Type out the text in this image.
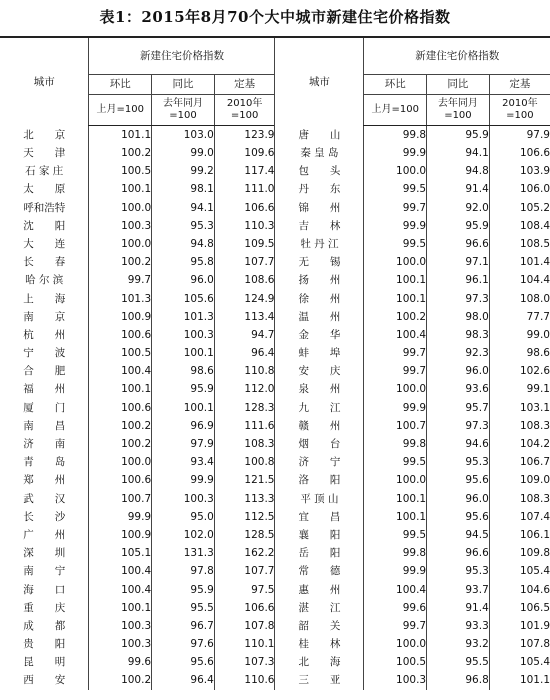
表1：2015年8月70个大中城市新建住宅价格指数
城市	新建住宅价格指数			城市	新建住宅价格指数		
	环比	同比	定基		环比	同比	定基
	上月=100	去年同月=100	2010年=100		上月=100	去年同月=100	2010年=100
北　　京	101.1	103.0	123.9	唐　　山	99.8	95.9	97.9
天　　津	100.2	99.0	109.6	秦 皇 岛	99.9	94.1	106.6
石 家 庄	100.5	99.2	117.4	包　　头	100.0	94.8	103.9
太　　原	100.1	98.1	111.0	丹　　东	99.5	91.4	106.0
呼和浩特	100.0	94.1	106.6	锦　　州	99.7	92.0	105.2
沈　　阳	100.3	95.3	110.3	吉　　林	99.9	95.9	108.4
大　　连	100.0	94.8	109.5	牡 丹 江	99.5	96.6	108.5
长　　春	100.2	95.8	107.7	无　　锡	100.0	97.1	101.4
哈 尔 滨	99.7	96.0	108.6	扬　　州	100.1	96.1	104.4
上　　海	101.3	105.6	124.9	徐　　州	100.1	97.3	108.0
南　　京	100.9	101.3	113.4	温　　州	100.2	98.0	77.7
杭　　州	100.6	100.3	94.7	金　　华	100.4	98.3	99.0
宁　　波	100.5	100.1	96.4	蚌　　埠	99.7	92.3	98.6
合　　肥	100.4	98.6	110.8	安　　庆	99.7	96.0	102.6
福　　州	100.1	95.9	112.0	泉　　州	100.0	93.6	99.1
厦　　门	100.6	100.1	128.3	九　　江	99.9	95.7	103.1
南　　昌	100.2	96.9	111.6	赣　　州	100.7	97.3	108.3
济　　南	100.2	97.9	108.3	烟　　台	99.8	94.6	104.2
青　　岛	100.0	93.4	100.8	济　　宁	99.5	95.3	106.7
郑　　州	100.6	99.9	121.5	洛　　阳	100.0	95.6	109.0
武　　汉	100.7	100.3	113.3	平 顶 山	100.1	96.0	108.3
长　　沙	99.9	95.0	112.5	宜　　昌	100.1	95.6	107.4
广　　州	100.9	102.0	128.5	襄　　阳	99.5	94.5	106.1
深　　圳	105.1	131.3	162.2	岳　　阳	99.8	96.6	109.8
南　　宁	100.4	97.8	107.7	常　　德	99.9	95.3	105.4
海　　口	100.4	95.9	97.5	惠　　州	100.4	93.7	104.6
重　　庆	100.1	95.5	106.6	湛　　江	99.6	91.4	106.5
成　　都	100.3	96.7	107.8	韶　　关	99.7	93.3	101.9
贵　　阳	100.3	97.6	110.1	桂　　林	100.0	93.2	107.8
昆　　明	99.6	95.6	107.3	北　　海	100.5	95.5	105.4
西　　安	100.2	96.4	110.6	三　　亚	100.3	96.8	101.1
